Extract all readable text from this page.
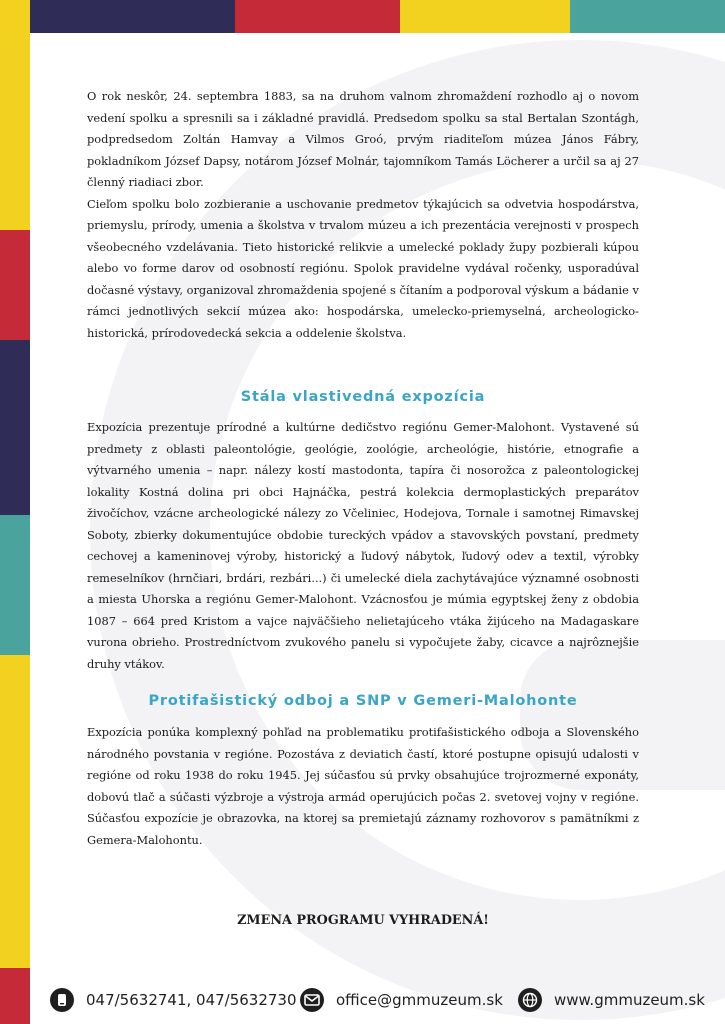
O rok neskôr, 24. septembra 1883, sa na druhom valnom zhromaždení rozhodlo aj o novom vedení spolku a spresnili sa i základné pravidlá. Predsedom spolku sa stal Bertalan Szontágh, podpredsedom Zoltán Hamvay a Vilmos Groó, prvým riaditeľom múzea János Fábry, pokladníkom József Dapsy, notárom József Molnár, tajomníkom Tamás Löcherer a určil sa aj 27 členný riadiaci zbor.

Cieľom spolku bolo zozbieranie a uschovanie predmetov týkajúcich sa odvetvia hospodárstva, priemyslu, prírody, umenia a školstva v trvalom múzeu a ich prezentácia verejnosti v prospech všeobecného vzdelávania. Tieto historické relikvie a umelecké poklady župy pozbierali kúpou alebo vo forme darov od osobností regiónu. Spolok pravidelne vydával ročenky, usporadúval dočasné výstavy, organizoval zhromaždenia spojené s čítaním a podporoval výskum a bádanie v rámci jednotlivých sekcií múzea ako: hospodárska, umelecko-priemyselná, archeologicko-historická, prírodovedecká sekcia a oddelenie školstva.

Stála vlastivedná expozícia

Expozícia prezentuje prírodné a kultúrne dedičstvo regiónu Gemer-Malohont. Vystavené sú predmety z oblasti paleontológie, geológie, zoológie, archeológie, histórie, etnografie a výtvarného umenia – napr. nálezy kostí mastodonta, tapíra či nosorožca z paleontologickej lokality Kostná dolina pri obci Hajnáčka, pestrá kolekcia dermoplastických preparátov živočíchov, vzácne archeologické nálezy zo Včeliniec, Hodejova, Tornale i samotnej Rimavskej Soboty, zbierky dokumentujúce obdobie tureckých vpádov a stavovských povstaní, predmety cechovej a kameninovej výroby, historický a ľudový nábytok, ľudový odev a textil, výrobky remeselníkov (hrnčiari, brdári, rezbári...) či umelecké diela zachytávajúce významné osobnosti a miesta Uhorska a regiónu Gemer-Malohont. Vzácnosťou je múmia egyptskej ženy z obdobia 1087 – 664 pred Kristom a vajce najväčšieho nelietajúceho vtáka žijúceho na Madagaskare vurona obrieho. Prostredníctvom zvukového panelu si vypočujete žaby, cicavce a najrôznejšie druhy vtákov.

Protifašistický odboj a SNP v Gemeri-Malohonte

Expozícia ponúka komplexný pohľad na problematiku protifašistického odboja a Slovenského národného povstania v regióne. Pozostáva z deviatich častí, ktoré postupne opisujú udalosti v regióne od roku 1938 do roku 1945. Jej súčasťou sú prvky obsahujúce trojrozmerné exponáty, dobovú tlač a súčasti výzbroje a výstroja armád operujúcich počas 2. svetovej vojny v regióne. Súčasťou expozície je obrazovka, na ktorej sa premietajú záznamy rozhovorov s pamätníkmi z Gemera-Malohontu.

ZMENA PROGRAMU VYHRADENÁ!
047/5632741, 047/5632730	office@gmmuzeum.sk	www.gmmuzeum.sk
